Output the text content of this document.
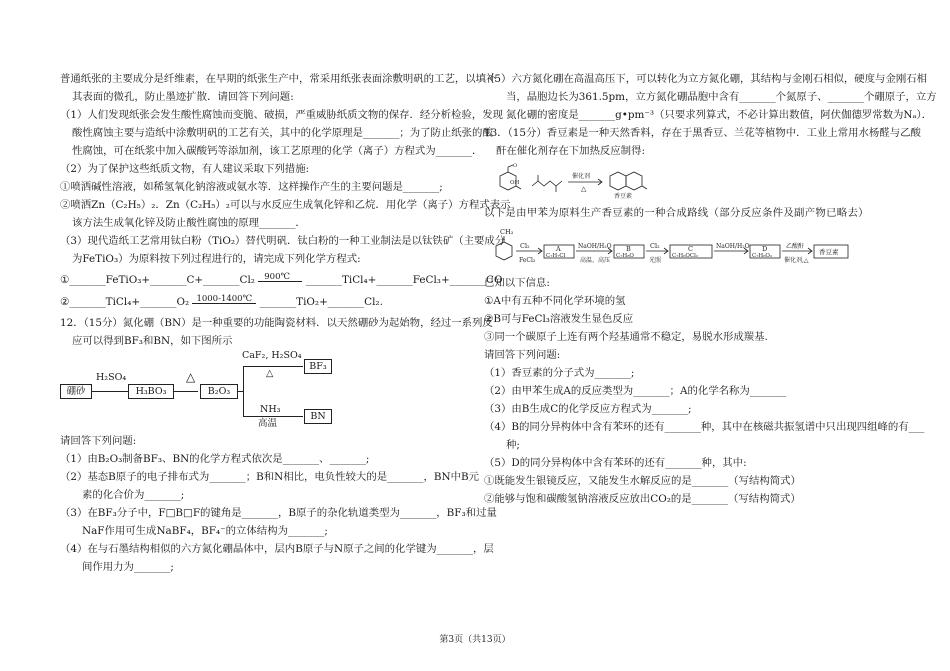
普通纸张的主要成分是纤维素，在早期的纸张生产中，常采用纸张表面涂敷明矾的工艺，以填补

其表面的微孔，防止墨迹扩散．请回答下列问题:

（1）人们发现纸张会发生酸性腐蚀而变脆、破损，严重威胁纸质文物的保存．经分析检验，发现

酸性腐蚀主要与造纸中涂敷明矾的工艺有关，其中的化学原理是_______；为了防止纸张的酸

性腐蚀，可在纸浆中加入碳酸钙等添加剂，该工艺原理的化学（离子）方程式为_______．

（2）为了保护这些纸质文物，有人建议采取下列措施:

①喷洒碱性溶液，如稀氢氧化钠溶液或氨水等．这样操作产生的主要问题是_______;

②喷洒Zn（C₂H₅）₂．Zn（C₂H₅）₂可以与水反应生成氧化锌和乙烷．用化学（离子）方程式表示

该方法生成氧化锌及防止酸性腐蚀的原理_______．

（3）现代造纸工艺常用钛白粉（TiO₂）替代明矾．钛白粉的一种工业制法是以钛铁矿（主要成分

为FeTiO₃）为原料按下列过程进行的，请完成下列化学方程式:

①_______FeTiO₃+_______C+_______Cl₂ 900℃ _______TiCl₄+_______FeCl₃+_______CO

②_______TiCl₄+_______O₂ 1000-1400℃ _______TiO₂+_______Cl₂.

12．（15分）氮化硼（BN）是一种重要的功能陶瓷材料．以天然硼砂为起始物，经过一系列反

应可以得到BF₃和BN，如下图所示

硼砂
H₂SO₄
H₃BO₃
△
B₂O₃
CaF₂, H₂SO₄
△
NH₃
高温
BF₃
BN

请回答下列问题:

（1）由B₂O₃制备BF₃、BN的化学方程式依次是_______、_______;

（2）基态B原子的电子排布式为_______；B和N相比，电负性较大的是_______，BN中B元

素的化合价为_______;

（3）在BF₃分子中，F□B□F的键角是_______，B原子的杂化轨道类型为_______，BF₃和过量

NaF作用可生成NaBF₄，BF₄⁻的立体结构为_______;

（4）在与石墨结构相似的六方氮化硼晶体中，层内B原子与N原子之间的化学键为_______，层

间作用力为_______;

（5）六方氮化硼在高温高压下，可以转化为立方氮化硼，其结构与金刚石相似，硬度与金刚石相

当，晶胞边长为361.5pm，立方氮化硼晶胞中含有_______个氮原子、_______个硼原子，立方

氮化硼的密度是_______g•pm⁻³（只要求列算式，不必计算出数值，阿伏伽德罗常数为Nₐ）．

13．（15分）香豆素是一种天然香料，存在于黑香豆、兰花等植物中．工业上常用水杨醛与乙酸

酐在催化剂存在下加热反应制得:

OH
O
催化剂
△
香豆素

以下是由甲苯为原料生产香豆素的一种合成路线（部分反应条件及副产物已略去）

CH₃
Cl₂
FeCl₃
A
C₇H₇Cl
NaOH/H₂O
高温、高压
B
C₇H₈O
Cl₂
光照
C
C₇H₆OCl₂
NaOH/H₂O D
C₇H₆O₂
乙酸酐
催化剂,△
香豆素

已知以下信息:

①A中有五种不同化学环境的氢

②B可与FeCl₃溶液发生显色反应

③同一个碳原子上连有两个羟基通常不稳定，易脱水形成羰基.

请回答下列问题:

（1）香豆素的分子式为_______;

（2）由甲苯生成A的反应类型为_______；A的化学名称为_______

（3）由B生成C的化学反应方程式为_______;

（4）B的同分异构体中含有苯环的还有_______种，其中在核磁共振氢谱中只出现四组峰的有___

种;

（5）D的同分异构体中含有苯环的还有_______种，其中:

①既能发生银镜反应，又能发生水解反应的是_______（写结构简式）

②能够与饱和碳酸氢钠溶液反应放出CO₂的是_______（写结构简式）

第3页（共13页）
